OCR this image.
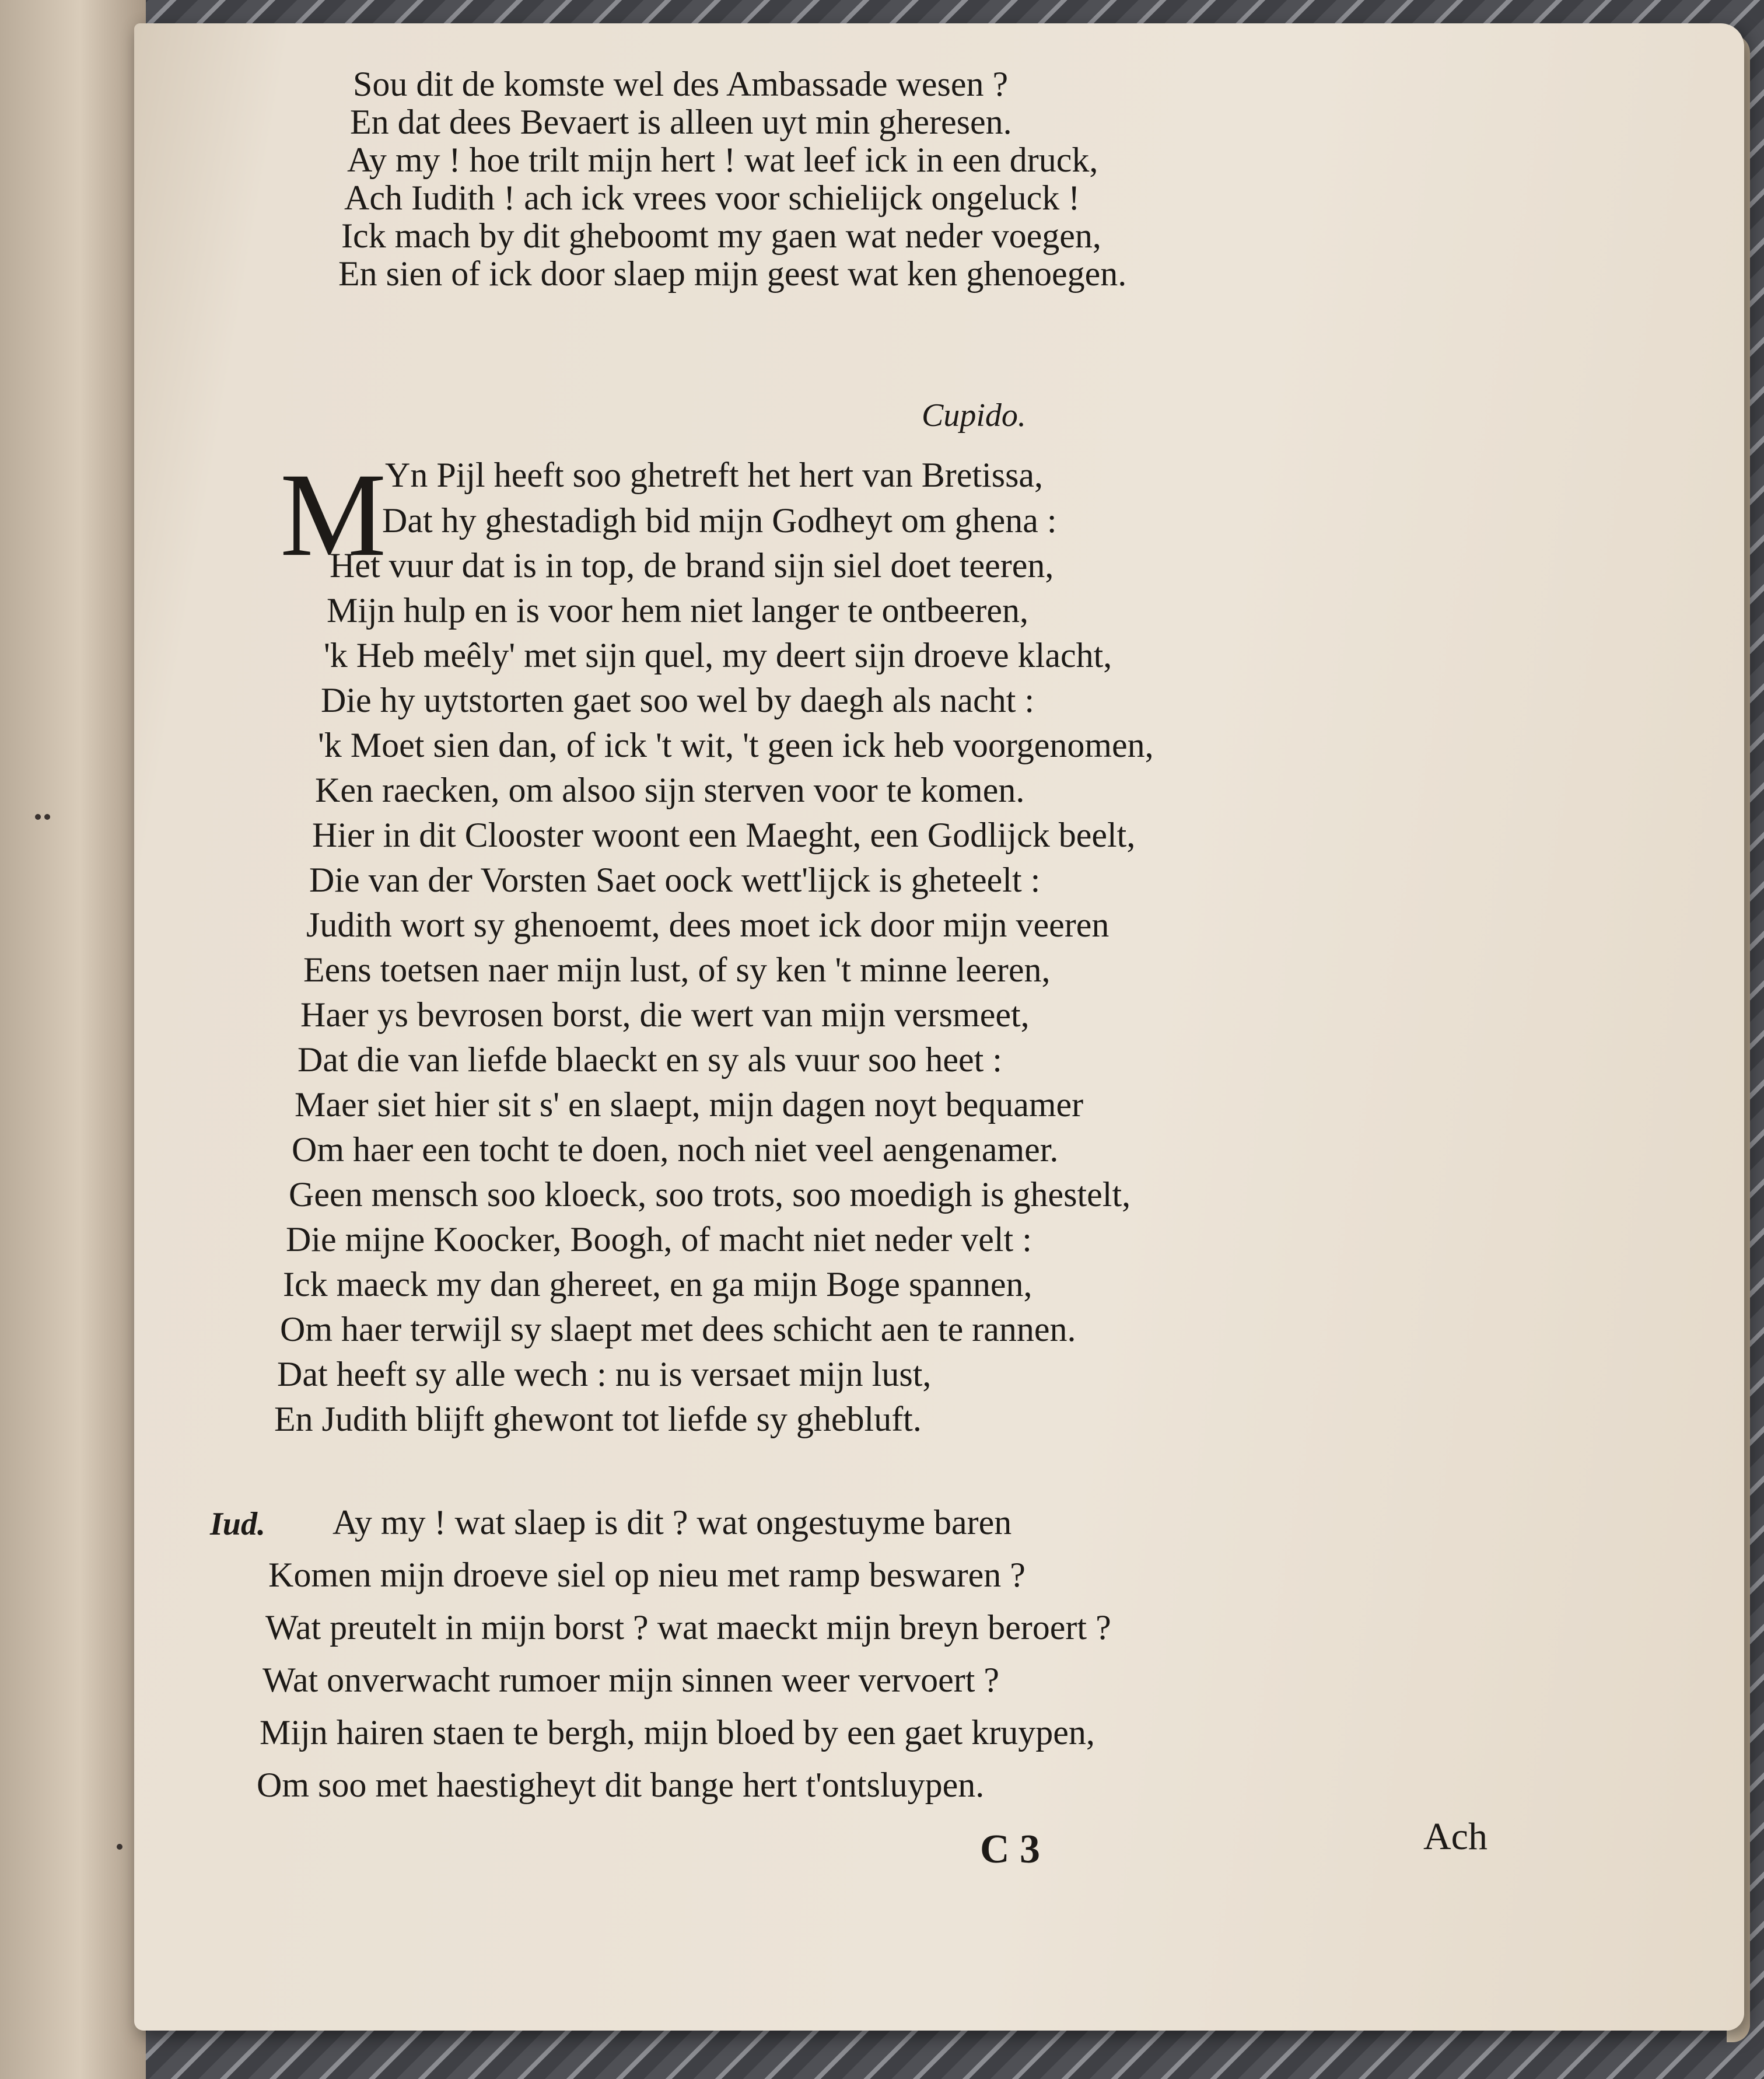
Sou dit de komste wel des Ambassade wesen ?
En dat dees Bevaert is alleen uyt min gheresen.
Ay my ! hoe trilt mijn hert ! wat leef ick in een druck,
Ach Iudith ! ach ick vrees voor schielijck ongeluck !
Ick mach by dit gheboomt my gaen wat neder voegen,
En sien of ick door slaep mijn geest wat ken ghenoegen.
Cupido.
M
Yn Pijl heeft soo ghetreft het hert van Bretissa,
Dat hy ghestadigh bid mijn Godheyt om ghena :
Het vuur dat is in top, de brand sijn siel doet teeren,
Mijn hulp en is voor hem niet langer te ontbeeren,
'k Heb meêly' met sijn quel, my deert sijn droeve klacht,
Die hy uytstorten gaet soo wel by daegh als nacht :
'k Moet sien dan, of ick 't wit, 't geen ick heb voorgenomen,
Ken raecken, om alsoo sijn sterven voor te komen.
Hier in dit Clooster woont een Maeght, een Godlijck beelt,
Die van der Vorsten Saet oock wett'lijck is gheteelt :
Judith wort sy ghenoemt, dees moet ick door mijn veeren
Eens toetsen naer mijn lust, of sy ken 't minne leeren,
Haer ys bevrosen borst, die wert van mijn versmeet,
Dat die van liefde blaeckt en sy als vuur soo heet :
Maer siet hier sit s' en slaept, mijn dagen noyt bequamer
Om haer een tocht te doen, noch niet veel aengenamer.
Geen mensch soo kloeck, soo trots, soo moedigh is ghestelt,
Die mijne Koocker, Boogh, of macht niet neder velt :
Ick maeck my dan ghereet, en ga mijn Boge spannen,
Om haer terwijl sy slaept met dees schicht aen te rannen.
Dat heeft sy alle wech : nu is versaet mijn lust,
En Judith blijft ghewont tot liefde sy ghebluft.
Iud. Ay my ! wat slaep is dit ? wat ongestuyme baren
Komen mijn droeve siel op nieu met ramp beswaren ?
Wat preutelt in mijn borst ? wat maeckt mijn breyn beroert ?
Wat onverwacht rumoer mijn sinnen weer vervoert ?
Mijn hairen staen te bergh, mijn bloed by een gaet kruypen,
Om soo met haestigheyt dit bange hert t'ontsluypen.
C 3	Ach
